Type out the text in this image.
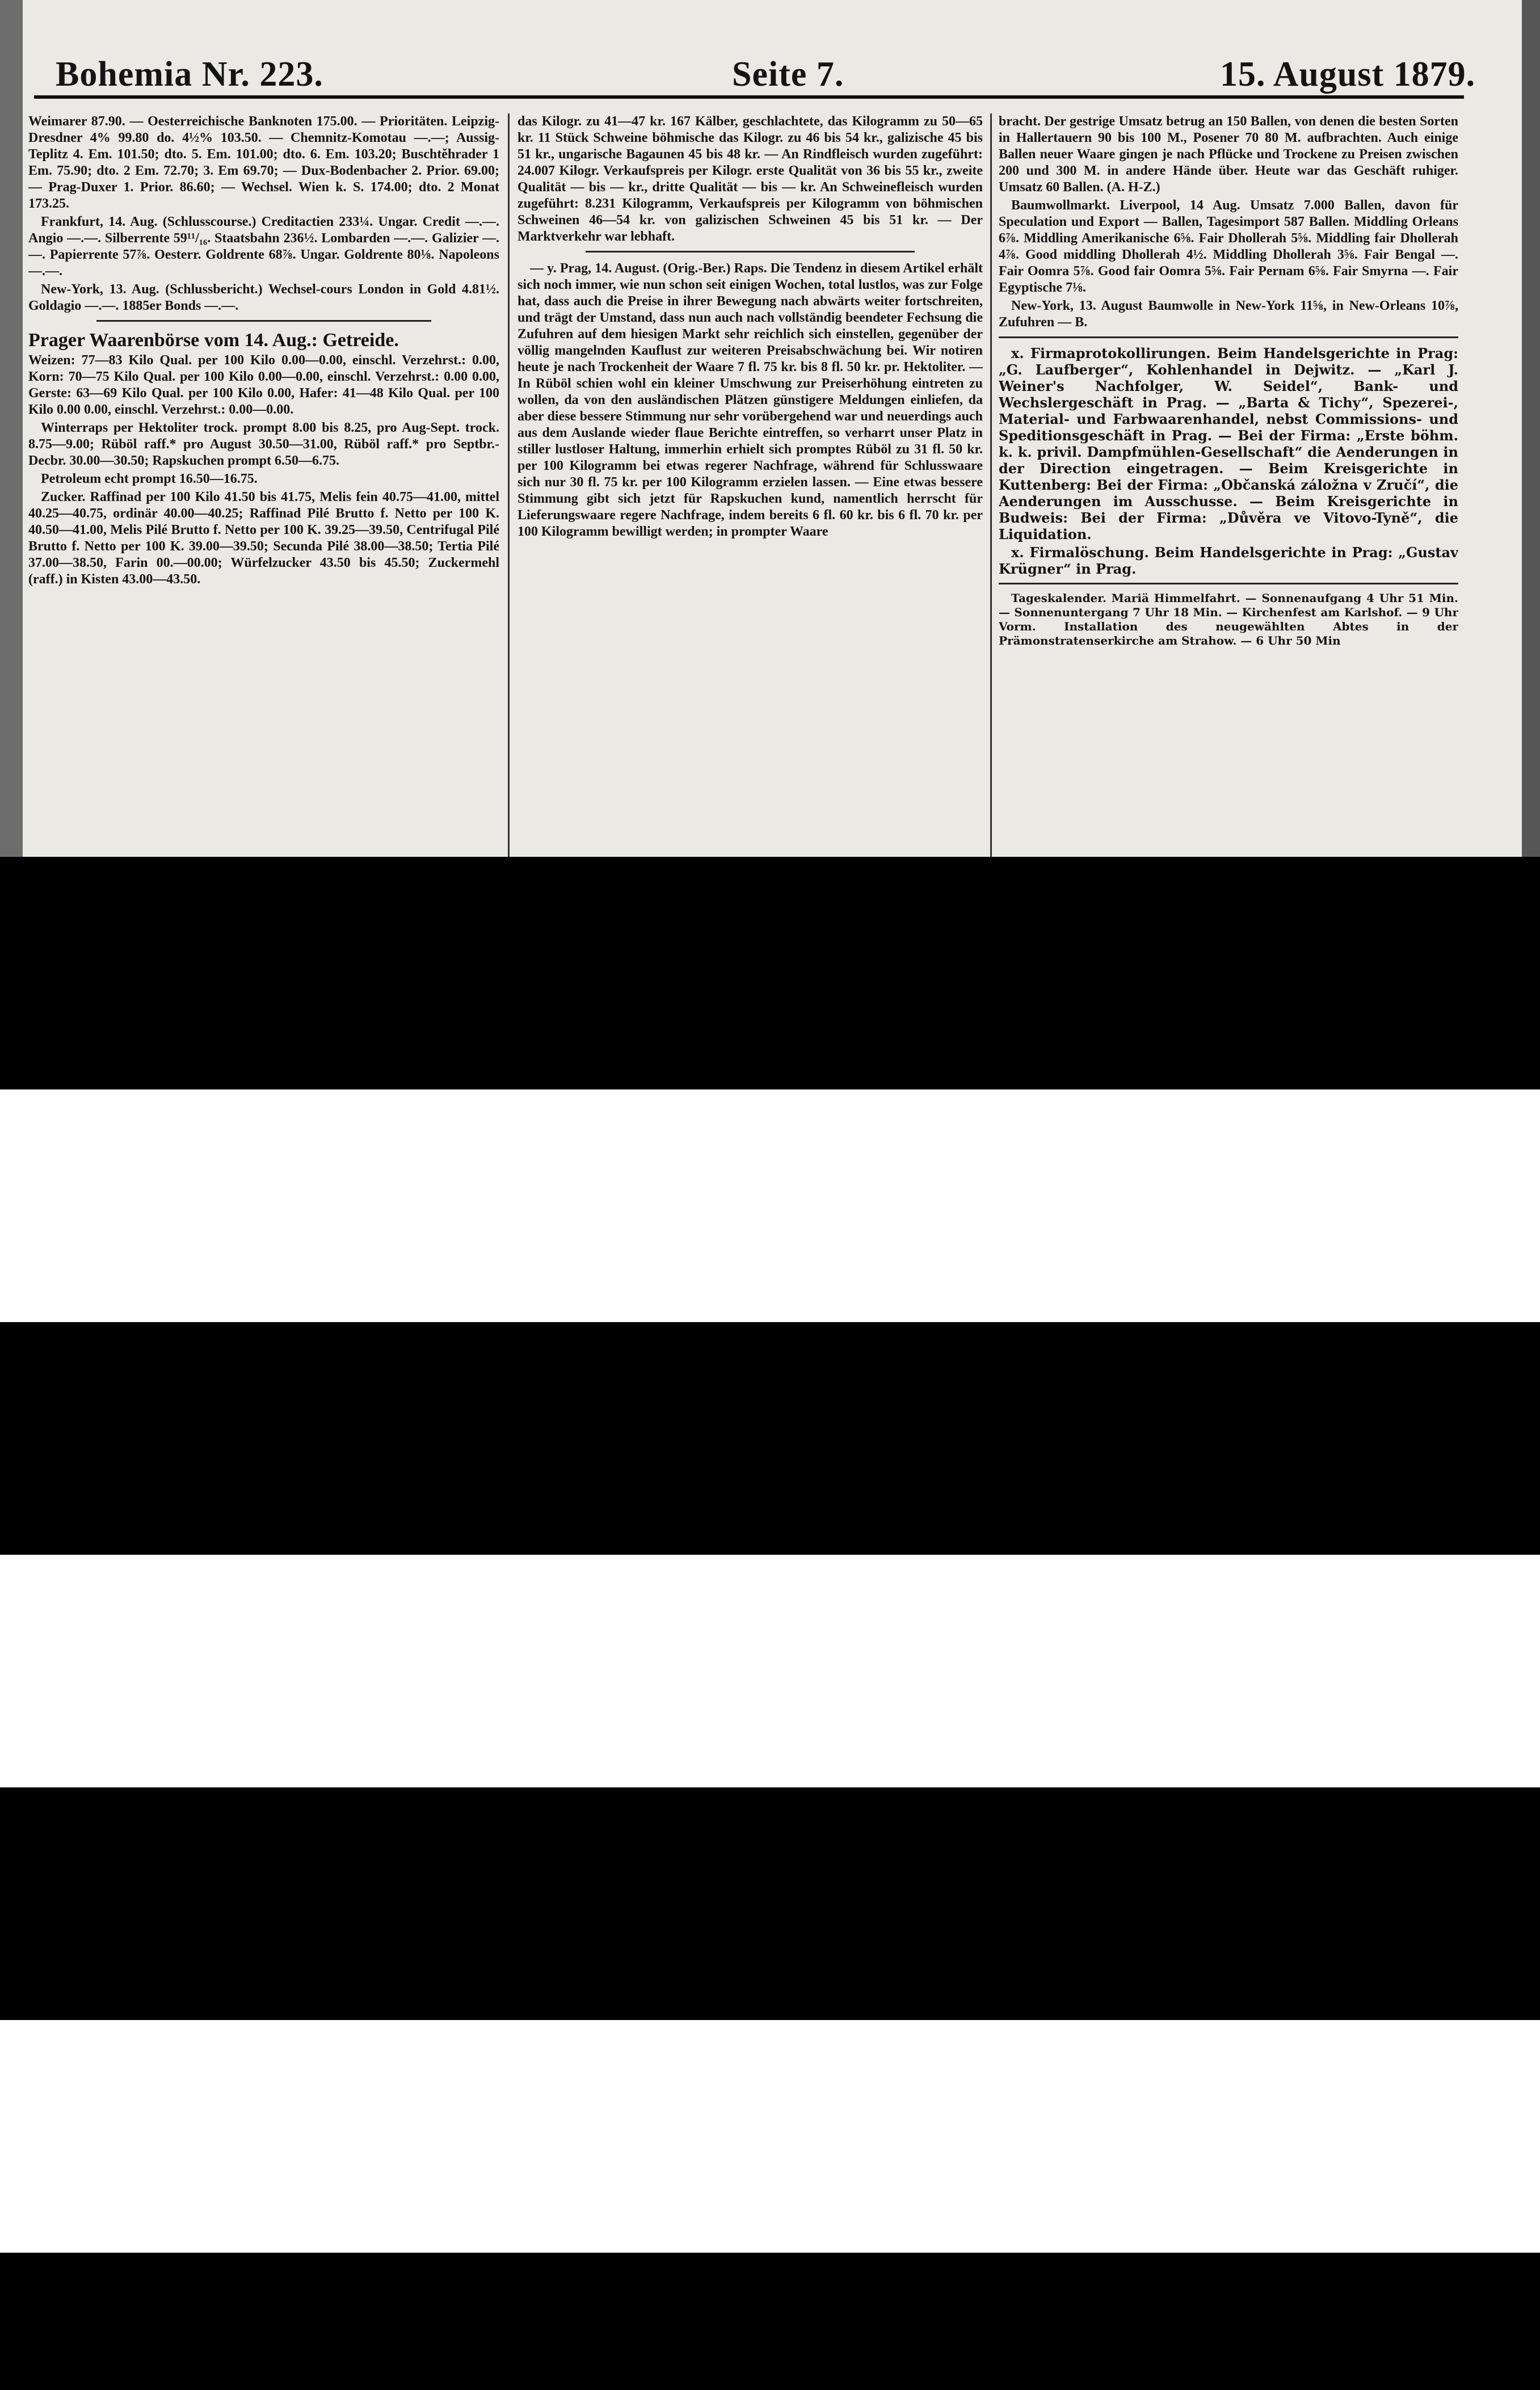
Bohemia Nr. 223.	Seite 7.	15. August 1879.

Weimarer 87.90. — Oesterreichische Banknoten 175.00. — Prioritäten. Leipzig-Dresdner 4% 99.80 do. 4½% 103.50. — Chemnitz-Komotau —.—; Aussig-Teplitz 4. Em. 101.50; dto. 5. Em. 101.00; dto. 6. Em. 103.20; Buschtěhrader 1 Em. 75.90; dto. 2 Em. 72.70; 3. Em 69.70; — Dux-Bodenbacher 2. Prior. 69.00; — Prag-Duxer 1. Prior. 86.60; — Wechsel. Wien k. S. 174.00; dto. 2 Monat 173.25.

Frankfurt, 14. Aug. (Schlusscourse.) Creditactien 233¼. Ungar. Credit —.—. Angio —.—. Silberrente 59¹¹/₁₆. Staatsbahn 236½. Lombarden —.—. Galizier —.—. Papierrente 57⅞. Oesterr. Goldrente 68⅞. Ungar. Goldrente 80⅛. Napoleons —.—.

New-York, 13. Aug. (Schlussbericht.) Wechsel-cours London in Gold 4.81½. Goldagio —.—. 1885er Bonds —.—.

Prager Waarenbörse vom 14. Aug.: Getreide.

Weizen: 77—83 Kilo Qual. per 100 Kilo 0.00—0.00, einschl. Verzehrst.: 0.00, Korn: 70—75 Kilo Qual. per 100 Kilo 0.00—0.00, einschl. Verzehrst.: 0.00 0.00, Gerste: 63—69 Kilo Qual. per 100 Kilo 0.00, Hafer: 41—48 Kilo Qual. per 100 Kilo 0.00 0.00, einschl. Verzehrst.: 0.00—0.00.

Winterraps per Hektoliter trock. prompt 8.00 bis 8.25, pro Aug-Sept. trock. 8.75—9.00; Rüböl raff.* pro August 30.50—31.00, Rüböl raff.* pro Septbr.-Decbr. 30.00—30.50; Rapskuchen prompt 6.50—6.75.

Petroleum echt prompt 16.50—16.75.

Zucker. Raffinad per 100 Kilo 41.50 bis 41.75, Melis fein 40.75—41.00, mittel 40.25—40.75, ordinär 40.00—40.25; Raffinad Pilé Brutto f. Netto per 100 K. 40.50—41.00, Melis Pilé Brutto f. Netto per 100 K. 39.25—39.50, Centrifugal Pilé Brutto f. Netto per 100 K. 39.00—39.50; Secunda Pilé 38.00—38.50; Tertia Pilé 37.00—38.50, Farin 00.—00.00; Würfelzucker 43.50 bis 45.50; Zuckermehl (raff.) in Kisten 43.00—43.50.

das Kilogr. zu 41—47 kr. 167 Kälber, geschlachtete, das Kilogramm zu 50—65 kr. 11 Stück Schweine böhmische das Kilogr. zu 46 bis 54 kr., galizische 45 bis 51 kr., ungarische Bagaunen 45 bis 48 kr. — An Rindfleisch wurden zugeführt: 24.007 Kilogr. Verkaufspreis per Kilogr. erste Qualität von 36 bis 55 kr., zweite Qualität — bis — kr., dritte Qualität — bis — kr. An Schweinefleisch wurden zugeführt: 8.231 Kilogramm, Verkaufspreis per Kilogramm von böhmischen Schweinen 46—54 kr. von galizischen Schweinen 45 bis 51 kr. — Der Marktverkehr war lebhaft.

— y. Prag, 14. August. (Orig.-Ber.) Raps. Die Tendenz in diesem Artikel erhält sich noch immer, wie nun schon seit einigen Wochen, total lustlos, was zur Folge hat, dass auch die Preise in ihrer Bewegung nach abwärts weiter fortschreiten, und trägt der Umstand, dass nun auch nach vollständig beendeter Fechsung die Zufuhren auf dem hiesigen Markt sehr reichlich sich einstellen, gegenüber der völlig mangelnden Kauflust zur weiteren Preisabschwächung bei. Wir notiren heute je nach Trockenheit der Waare 7 fl. 75 kr. bis 8 fl. 50 kr. pr. Hektoliter. — In Rüböl schien wohl ein kleiner Umschwung zur Preiserhöhung eintreten zu wollen, da von den ausländischen Plätzen günstigere Meldungen einliefen, da aber diese bessere Stimmung nur sehr vorübergehend war und neuerdings auch aus dem Auslande wieder flaue Berichte eintreffen, so verharrt unser Platz in stiller lustloser Haltung, immerhin erhielt sich promptes Rüböl zu 31 fl. 50 kr. per 100 Kilogramm bei etwas regerer Nachfrage, während für Schlusswaare sich nur 30 fl. 75 kr. per 100 Kilogramm erzielen lassen. — Eine etwas bessere Stimmung gibt sich jetzt für Rapskuchen kund, namentlich herrscht für Lieferungswaare regere Nachfrage, indem bereits 6 fl. 60 kr. bis 6 fl. 70 kr. per 100 Kilogramm bewilligt werden; in prompter Waare

bracht. Der gestrige Umsatz betrug an 150 Ballen, von denen die besten Sorten in Hallertauern 90 bis 100 M., Posener 70 80 M. aufbrachten. Auch einige Ballen neuer Waare gingen je nach Pflücke und Trockene zu Preisen zwischen 200 und 300 M. in andere Hände über. Heute war das Geschäft ruhiger. Umsatz 60 Ballen. (A. H-Z.)

Baumwollmarkt. Liverpool, 14 Aug. Umsatz 7.000 Ballen, davon für Speculation und Export — Ballen, Tagesimport 587 Ballen. Middling Orleans 6⅞. Middling Amerikanische 6⅝. Fair Dhollerah 5⅝. Middling fair Dhollerah 4⅞. Good middling Dhollerah 4½. Middling Dhollerah 3⅝. Fair Bengal —. Fair Oomra 5⅞. Good fair Oomra 5⅝. Fair Pernam 6⅝. Fair Smyrna —. Fair Egyptische 7⅛.

New-York, 13. August Baumwolle in New-York 11⅝, in New-Orleans 10⅞, Zufuhren — B.

x. Firmaprotokollirungen. Beim Handelsgerichte in Prag: „G. Laufberger“, Kohlenhandel in Dejwitz. — „Karl J. Weiner's Nachfolger, W. Seidel“, Bank- und Wechslergeschäft in Prag. — „Barta & Tichy“, Spezerei-, Material- und Farbwaarenhandel, nebst Commissions- und Speditionsgeschäft in Prag. — Bei der Firma: „Erste böhm. k. k. privil. Dampfmühlen-Gesellschaft“ die Aenderungen in der Direction eingetragen. — Beim Kreisgerichte in Kuttenberg: Bei der Firma: „Občanská záložna v Zručí“, die Aenderungen im Ausschusse. — Beim Kreisgerichte in Budweis: Bei der Firma: „Důvěra ve Vitovo-Tyně“, die Liquidation.

x. Firmalöschung. Beim Handelsgerichte in Prag: „Gustav Krügner“ in Prag.

Tageskalender. Mariä Himmelfahrt. — Sonnenaufgang 4 Uhr 51 Min. — Sonnenuntergang 7 Uhr 18 Min. — Kirchenfest am Karlshof. — 9 Uhr Vorm. Installation des neugewählten Abtes in der Prämonstratenserkirche am Strahow. — 6 Uhr 50 Min
